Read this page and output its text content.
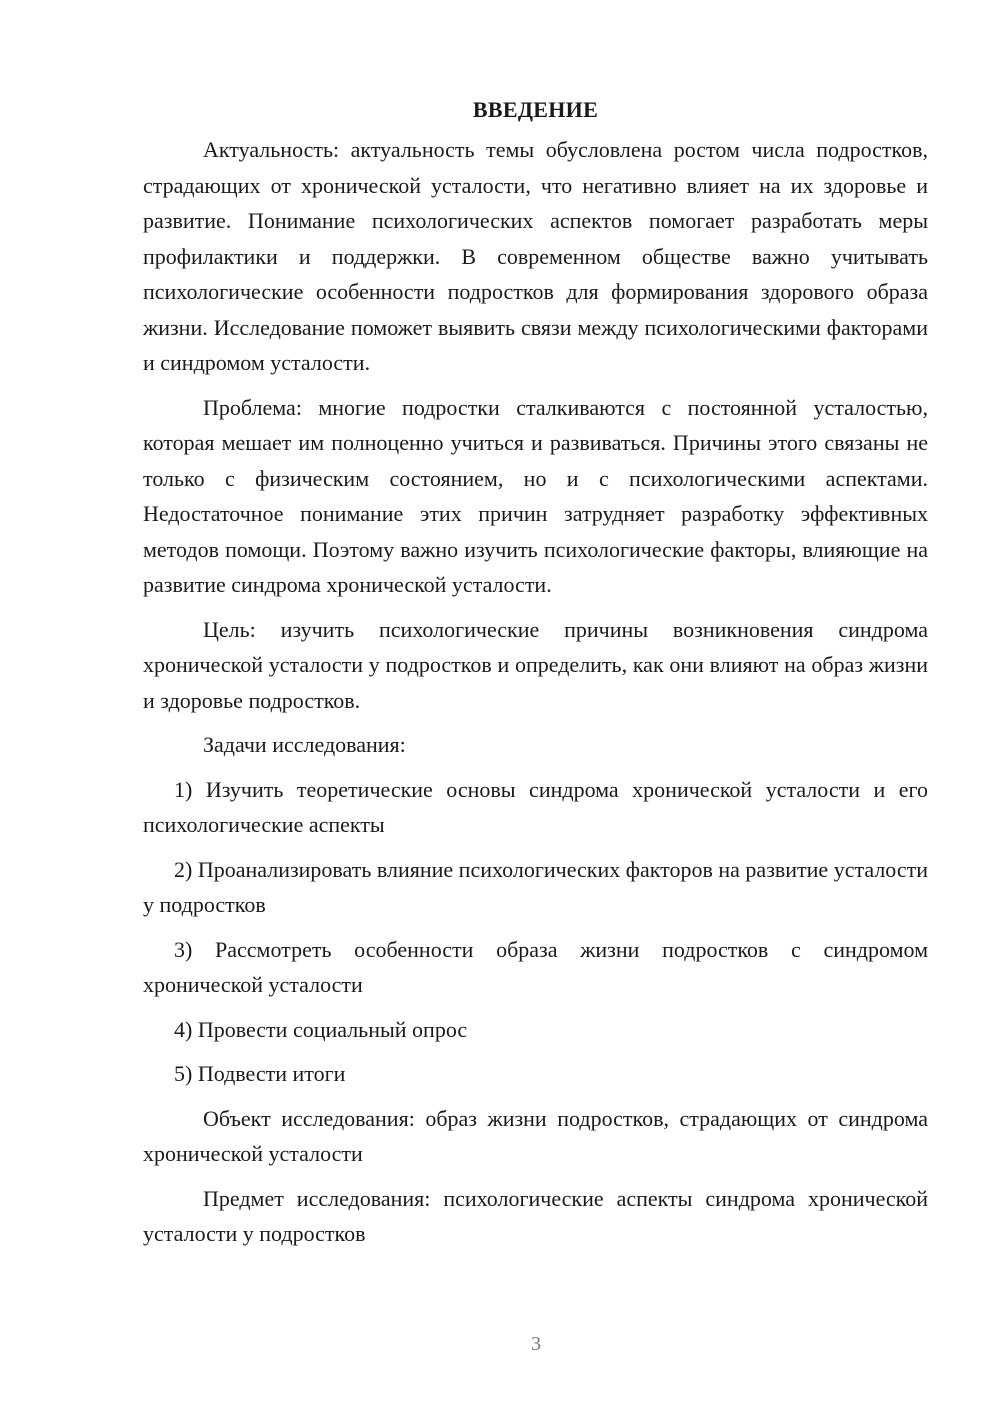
ВВЕДЕНИЕ

Актуальность: актуальность темы обусловлена ростом числа подростков, страдающих от хронической усталости, что негативно влияет на их здоровье и развитие. Понимание психологических аспектов помогает разработать меры профилактики и поддержки. В современном обществе важно учитывать психологические особенности подростков для формирования здорового образа жизни. Исследование поможет выявить связи между психологическими факторами и синдромом усталости.

Проблема: многие подростки сталкиваются с постоянной усталостью, которая мешает им полноценно учиться и развиваться. Причины этого связаны не только с физическим состоянием, но и с психологическими аспектами. Недостаточное понимание этих причин затрудняет разработку эффективных методов помощи. Поэтому важно изучить психологические факторы, влияющие на развитие синдрома хронической усталости.

Цель: изучить психологические причины возникновения синдрома хронической усталости у подростков и определить, как они влияют на образ жизни и здоровье подростков.

Задачи исследования:

1) Изучить теоретические основы синдрома хронической усталости и его психологические аспекты

2) Проанализировать влияние психологических факторов на развитие усталости у подростков

3) Рассмотреть особенности образа жизни подростков с синдромом хронической усталости

4) Провести социальный опрос

5) Подвести итоги

Объект исследования: образ жизни подростков, страдающих от синдрома хронической усталости

Предмет исследования: психологические аспекты синдрома хронической усталости у подростков

3
